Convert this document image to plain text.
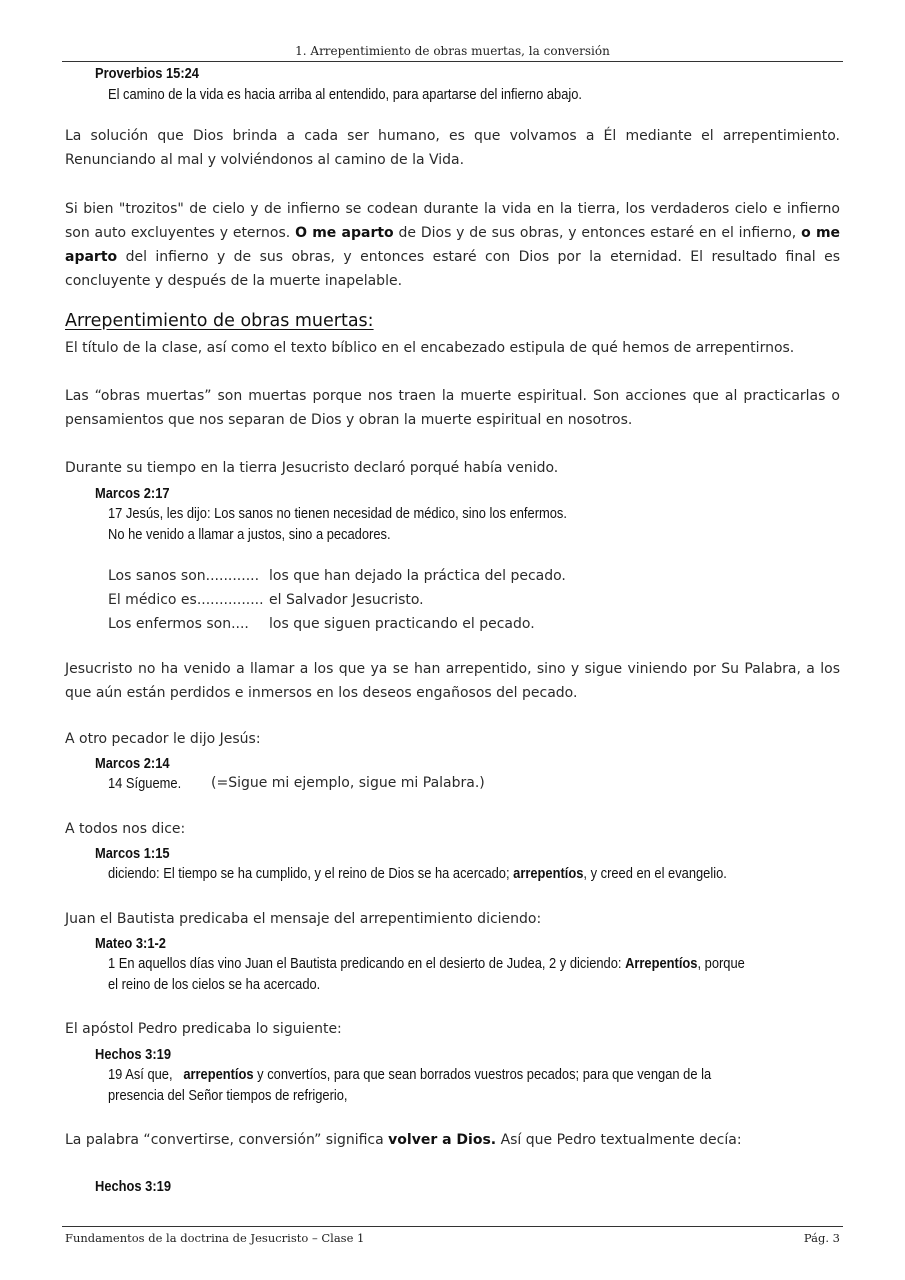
1. Arrepentimiento de obras muertas, la conversión
Proverbios 15:24
El camino de la vida es hacia arriba al entendido, para apartarse del infierno abajo.
La solución que Dios brinda a cada ser humano, es que volvamos a Él mediante el arrepentimiento. Renunciando al mal y volviéndonos al camino de la Vida.
Si bien "trozitos" de cielo y de infierno se codean durante la vida en la tierra, los verdaderos cielo e infierno son auto excluyentes y eternos. O me aparto de Dios y de sus obras, y entonces estaré en el infierno, o me aparto del infierno y de sus obras, y entonces estaré con Dios por la eternidad. El resultado final es concluyente y después de la muerte inapelable.
Arrepentimiento de obras muertas:
El título de la clase, así como el texto bíblico en el encabezado estipula de qué hemos de arrepentirnos.
Las “obras muertas” son muertas porque nos traen la muerte espiritual. Son acciones que al practicarlas o pensamientos que nos separan de Dios y obran la muerte espiritual en nosotros.
Durante su tiempo en la tierra Jesucristo declaró porqué había venido.
Marcos 2:17
17 Jesús, les dijo: Los sanos no tienen necesidad de médico, sino los enfermos.
No he venido a llamar a justos, sino a pecadores.
Los sanos son............ los que han dejado la práctica del pecado.
El médico es............... el Salvador Jesucristo.
Los enfermos son.... los que siguen practicando el pecado.
Jesucristo no ha venido a llamar a los que ya se han arrepentido, sino y sigue viniendo por Su Palabra, a los que aún están perdidos e inmersos en los deseos engañosos del pecado.
A otro pecador le dijo Jesús:
Marcos 2:14
14 Sígueme. (=Sigue mi ejemplo, sigue mi Palabra.)
A todos nos dice:
Marcos 1:15
diciendo: El tiempo se ha cumplido, y el reino de Dios se ha acercado; arrepentíos, y creed en el evangelio.
Juan el Bautista predicaba el mensaje del arrepentimiento diciendo:
Mateo 3:1-2
1 En aquellos días vino Juan el Bautista predicando en el desierto de Judea, 2 y diciendo: Arrepentíos, porque
el reino de los cielos se ha acercado.
El apóstol Pedro predicaba lo siguiente:
Hechos 3:19
19 Así que, arrepentíos y convertíos, para que sean borrados vuestros pecados; para que vengan de la
presencia del Señor tiempos de refrigerio,
La palabra “convertirse, conversión” significa volver a Dios. Así que Pedro textualmente decía:
Hechos 3:19
Fundamentos de la doctrina de Jesucristo – Clase 1	Pág. 3
